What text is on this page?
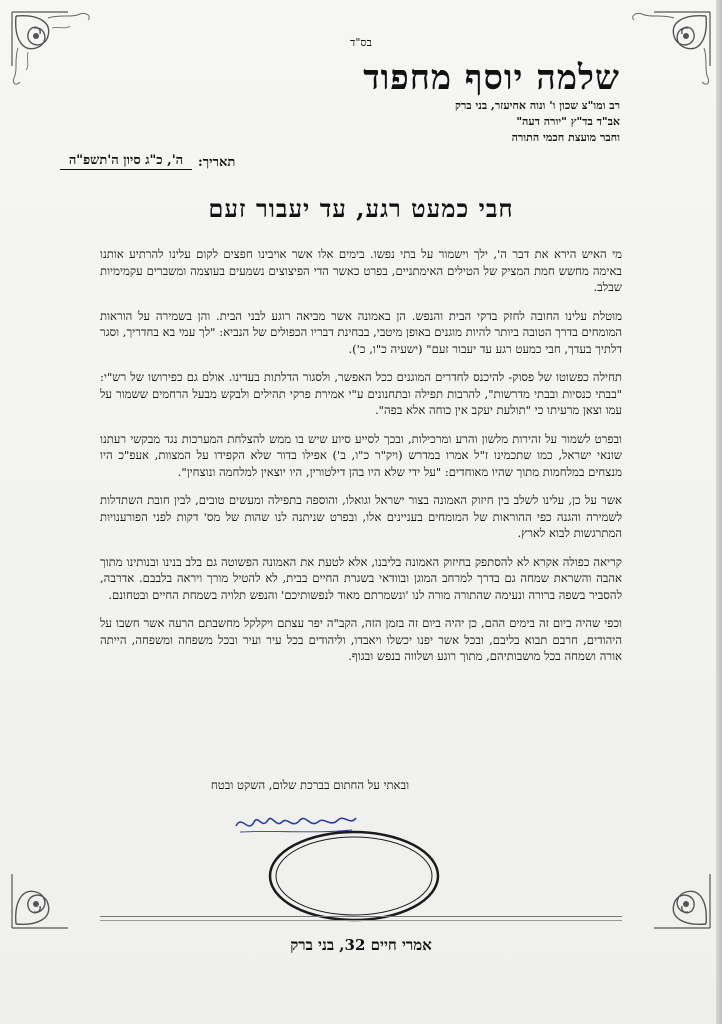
בס"ד
שלמה יוסף מחפוד
רב ומו"צ שכון ו' ונוה אחיעזר, בני ברק
אב"ד בד"ץ "יורה דעה"
וחבר מועצת חכמי התורה
תאריך:
ה', כ"ג סיון ה'תשפ"ה
חבי כמעט רגע, עד יעבור זעם

מי האיש הירא את דבר ה', ילך וישמור על בתי נפשו. בימים אלו אשר אויבינו חפצים לקום עלינו להרתיע אותנו באימה מחשש חמת המציק של הטילים האימתניים, בפרט כאשר הדי הפיצוצים נשמעים בעוצמה ומשברים עקמימיות שבלב.

מוטלת עלינו החובה לחזק בדקי הבית והנפש. הן באמונה אשר מביאה רוגע לבני הבית. והן בשמירה על הוראות המומחים בדרך הטובה ביותר להיות מוגנים באופן מיטבי, בבחינת דבריו הכפולים של הנביא: "לך עמי בא בחדריך, וסגר דלתיך בעדך, חבי כמעט רגע עד יעבור זעם" (ישעיה כ"ו, כ').

תחילה כפשוטו של פסוק- להיכנס לחדרים המוגנים ככל האפשר, ולסגור הדלתות בעדינו. אולם גם כפירושו של רש"י: "בבתי כנסיות ובבתי מדרשות", להרבות תפילה ובתחנונים ע"י אמירת פרקי תהילים ולבקש מבעל הרחמים ששמור על עמו וצאן מרעיתו כי "תולעת יעקב אין כוחה אלא בפה".

ובפרט לשמור על זהירות מלשון והרע ומרכילות, ובכך לסייע סיוע שיש בו ממש להצלחת המערכות נגד מבקשי רעתנו שונאי ישראל, כמו שתכמינו ז"ל אמרו במדרש (ויק"ר כ"ו, ב') אפילו בדור שלא הקפידו על המצוות, אעפ"כ היו מנצחים במלחמות מתוך שהיו מאוחדים: "על ידי שלא היו בהן דילטורין, היו יוצאין למלחמה ונוצחין".

אשר על כן, עלינו לשלב בין חיזוק האמונה בצור ישראל וגואלו, והוספה בתפילה ומעשים טובים, לבין חובת השתדלות לשמירה והגנה כפי ההוראות של המומחים בעניינים אלו, ובפרט שניתנה לנו שהות של מס' דקות לפני הפורענויות המתרגשות לבוא לארץ.

קריאה כפולה אקרא לא להסתפק בחיזוק האמונה בליבנו, אלא לטעת את האמונה הפשוטה גם בלב בנינו ובנותינו מתוך אהבה והשראת שמחה גם בדרך למרחב המוגן ובוודאי בשגרת החיים בבית, לא להטיל מורך ויראה בלבבם. אדרבה, להסביר בשפה ברורה ונעימה שהתורה מורה לנו 'ונשמרתם מאוד לנפשותיכם' והנפש תלויה בשמחת החיים ובטחונם.

וכפי שהיה ביום זה בימים ההם, כן יהיה ביום זה בזמן הזה, הקב"ה יפר עצתם ויקלקל מחשבתם הרעה אשר חשבו על היהודים, חרבם תבוא בליבם, ובכל אשר יפנו יכשלו ויאבדו, וליהודים בכל עיר ועיר ובכל משפחה ומשפחה, הייתה אורה ושמחה בכל מושבותיהם, מתוך רוגע ושלווה בנפש ובגוף.

ובאתי על החתום בברכת שלום, השקט ובטח
אמרי חיים 32, בני ברק
